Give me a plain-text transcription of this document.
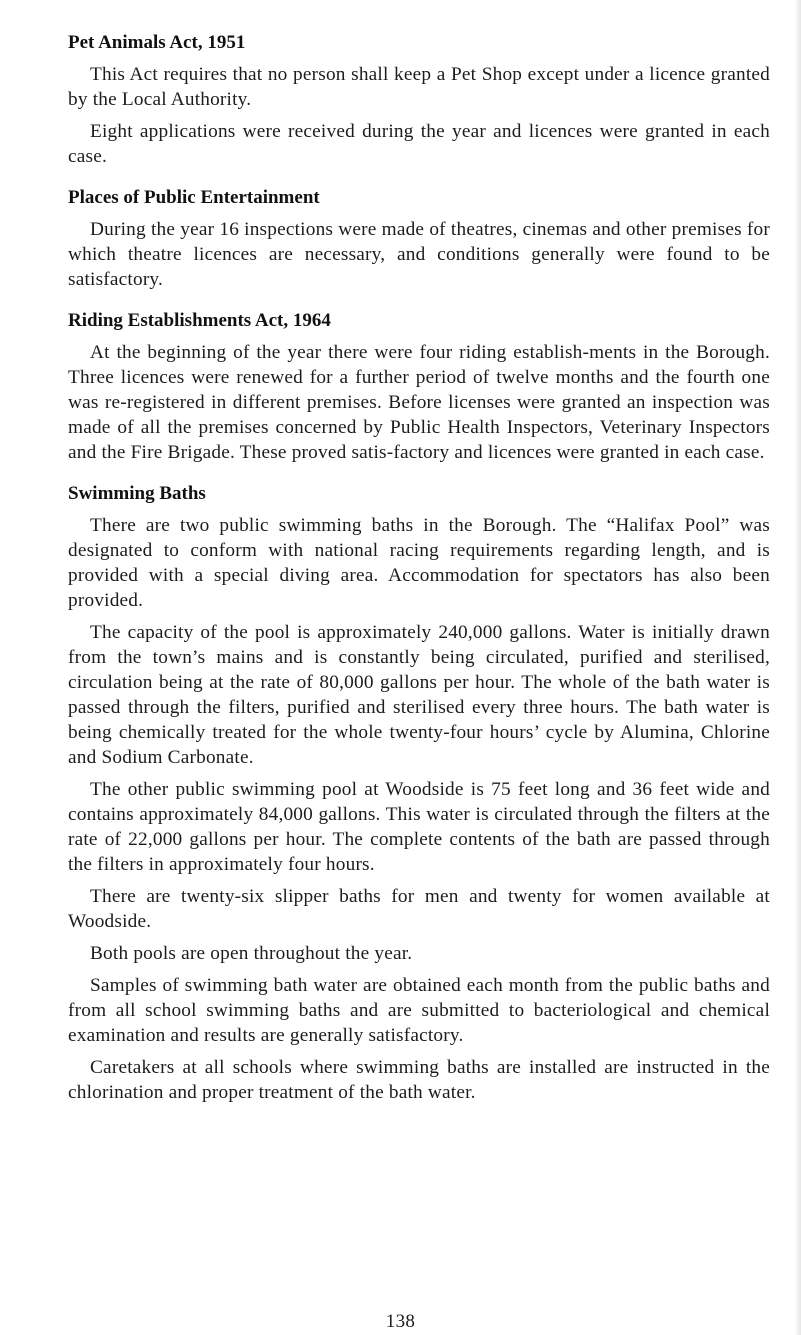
Pet Animals Act, 1951

This Act requires that no person shall keep a Pet Shop except under a licence granted by the Local Authority.

Eight applications were received during the year and licences were granted in each case.

Places of Public Entertainment

During the year 16 inspections were made of theatres, cinemas and other premises for which theatre licences are necessary, and conditions generally were found to be satisfactory.

Riding Establishments Act, 1964

At the beginning of the year there were four riding establish-ments in the Borough. Three licences were renewed for a further period of twelve months and the fourth one was re-registered in different premises. Before licenses were granted an inspection was made of all the premises concerned by Public Health Inspectors, Veterinary Inspectors and the Fire Brigade. These proved satis-factory and licences were granted in each case.

Swimming Baths

There are two public swimming baths in the Borough. The “Halifax Pool” was designated to conform with national racing requirements regarding length, and is provided with a special diving area. Accommodation for spectators has also been provided.

The capacity of the pool is approximately 240,000 gallons. Water is initially drawn from the town’s mains and is constantly being circulated, purified and sterilised, circulation being at the rate of 80,000 gallons per hour. The whole of the bath water is passed through the filters, purified and sterilised every three hours. The bath water is being chemically treated for the whole twenty-four hours’ cycle by Alumina, Chlorine and Sodium Carbonate.

The other public swimming pool at Woodside is 75 feet long and 36 feet wide and contains approximately 84,000 gallons. This water is circulated through the filters at the rate of 22,000 gallons per hour. The complete contents of the bath are passed through the filters in approximately four hours.

There are twenty-six slipper baths for men and twenty for women available at Woodside.

Both pools are open throughout the year.

Samples of swimming bath water are obtained each month from the public baths and from all school swimming baths and are submitted to bacteriological and chemical examination and results are generally satisfactory.

Caretakers at all schools where swimming baths are installed are instructed in the chlorination and proper treatment of the bath water.

138
